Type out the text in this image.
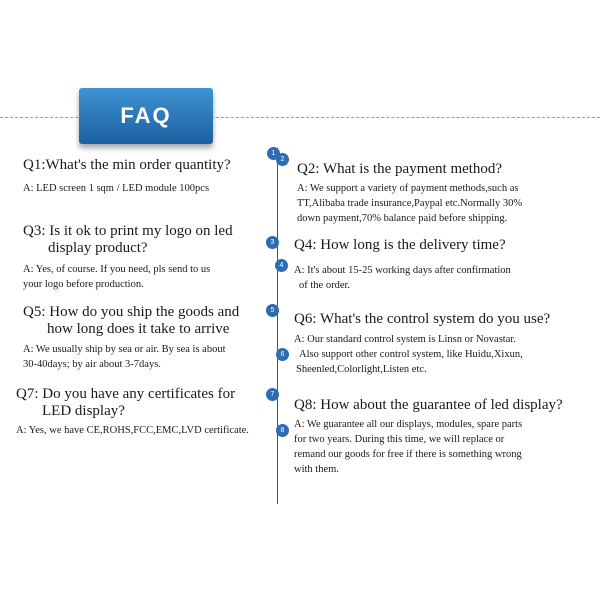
FAQ
1
2
3
4
5
6
7
8
Q1:What's the min order quantity?
A: LED screen 1 sqm / LED module 100pcs
Q2: What is the payment method?
A: We support a variety of payment methods,such as
TT,Alibaba trade insurance,Paypal etc.Normally 30%
down payment,70% balance paid before shipping.
Q3: Is it ok to print my logo on led
display product?
A: Yes, of course. If you need, pls send to us
your logo before production.
Q4: How long is the delivery time?
A: It's about 15-25 working days after confirmation
of the order.
Q5: How do you ship the goods and
how long does it take to arrive
A: We usually ship by sea or air. By sea is about
30-40days; by air about 3-7days.
Q6: What's the control system do you use?
A: Our standard control system is Linsn or Novastar.
Also support other control system, like Huidu,Xixun,
Sheenled,Colorlight,Listen etc.
Q7: Do you have any certificates for
LED display?
A: Yes, we have CE,ROHS,FCC,EMC,LVD certificate.
Q8: How about the guarantee of led display?
A: We guarantee all our displays, modules, spare parts
for two years. During this time, we will replace or
remand our goods for free if there is something wrong
with them.
